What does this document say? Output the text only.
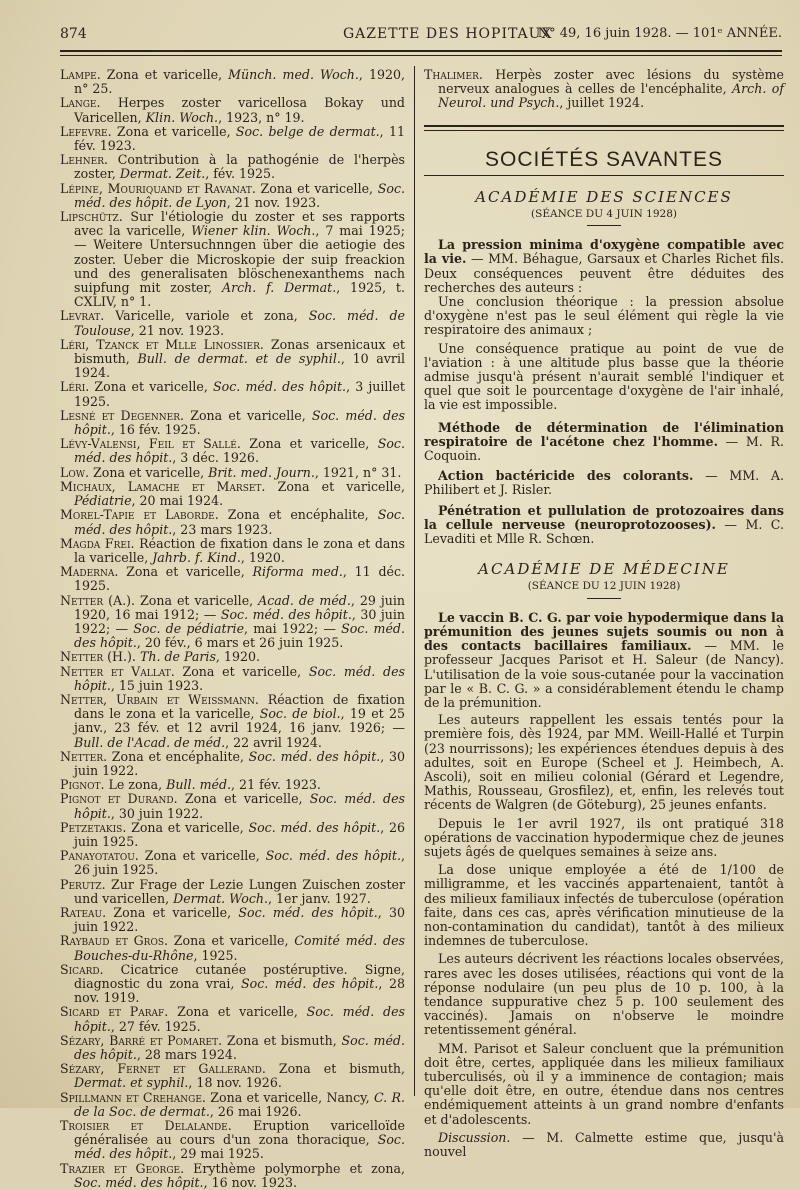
874	GAZETTE DES HOPITAUX
N° 49, 16 juin 1928. — 101ᵉ ANNÉE.

Lampe. Zona et varicelle, Münch. med. Woch., 1920, n° 25.

Lange. Herpes zoster varicellosa Bokay und Varicellen, Klin. Woch., 1923, n° 19.

Lefevre. Zona et varicelle, Soc. belge de dermat., 11 fév. 1923.

Lehner. Contribution à la pathogénie de l'herpès zoster, Dermat. Zeit., fév. 1925.

Lépine, Mouriquand et Ravanat. Zona et varicelle, Soc. méd. des hôpit. de Lyon, 21 nov. 1923.

Lipschütz. Sur l'étiologie du zoster et ses rapports avec la varicelle, Wiener klin. Woch., 7 mai 1925; — Weitere Untersuchnngen über die aetiogie des zoster. Ueber die Microskopie der suip freackion und des generalisaten blöschenexanthems nach suipfung mit zoster, Arch. f. Dermat., 1925, t. CXLIV, n° 1.

Levrat. Varicelle, variole et zona, Soc. méd. de Toulouse, 21 nov. 1923.

Léri, Tzanck et Mlle Linossier. Zonas arsenicaux et bismuth, Bull. de dermat. et de syphil., 10 avril 1924.

Léri. Zona et varicelle, Soc. méd. des hôpit., 3 juillet 1925.

Lesné et Degenner. Zona et varicelle, Soc. méd. des hôpit., 16 fév. 1925.

Lévy-Valensi, Feil et Sallé. Zona et varicelle, Soc. méd. des hôpit., 3 déc. 1926.

Low. Zona et varicelle, Brit. med. Journ., 1921, n° 31.

Michaux, Lamache et Marset. Zona et varicelle, Pédiatrie, 20 mai 1924.

Morel-Tapie et Laborde. Zona et encéphalite, Soc. méd. des hôpit., 23 mars 1923.

Magda Frei. Réaction de fixation dans le zona et dans la varicelle, Jahrb. f. Kind., 1920.

Maderna. Zona et varicelle, Riforma med., 11 déc. 1925.

Netter (A.). Zona et varicelle, Acad. de méd., 29 juin 1920, 16 mai 1912; — Soc. méd. des hôpit., 30 juin 1922; — Soc. de pédiatrie, mai 1922; — Soc. méd. des hôpit., 20 fév., 6 mars et 26 juin 1925.

Netter (H.). Th. de Paris, 1920.

Netter et Vallat. Zona et varicelle, Soc. méd. des hôpit., 15 juin 1923.

Netter, Urbain et Weissmann. Réaction de fixation dans le zona et la varicelle, Soc. de biol., 19 et 25 janv., 23 fév. et 12 avril 1924, 16 janv. 1926; — Bull. de l'Acad. de méd., 22 avril 1924.

Netter. Zona et encéphalite, Soc. méd. des hôpit., 30 juin 1922.

Pignot. Le zona, Bull. méd., 21 fév. 1923.

Pignot et Durand. Zona et varicelle, Soc. méd. des hôpit., 30 juin 1922.

Petzetakis. Zona et varicelle, Soc. méd. des hôpit., 26 juin 1925.

Panayotatou. Zona et varicelle, Soc. méd. des hôpit., 26 juin 1925.

Perutz. Zur Frage der Lezie Lungen Zuischen zoster und varicellen, Dermat. Woch., 1er janv. 1927.

Rateau. Zona et varicelle, Soc. méd. des hôpit., 30 juin 1922.

Raybaud et Gros. Zona et varicelle, Comité méd. des Bouches-du-Rhône, 1925.

Sicard. Cicatrice cutanée postéruptive. Signe, diagnostic du zona vrai, Soc. méd. des hôpit., 28 nov. 1919.

Sicard et Paraf. Zona et varicelle, Soc. méd. des hôpit., 27 fév. 1925.

Sézary, Barré et Pomaret. Zona et bismuth, Soc. méd. des hôpit., 28 mars 1924.

Sézary, Fernet et Gallerand. Zona et bismuth, Dermat. et syphil., 18 nov. 1926.

Spillmann et Crehange. Zona et varicelle, Nancy, C. R. de la Soc. de dermat., 26 mai 1926.

Troisier et Delalande. Eruption varicelloïde généralisée au cours d'un zona thoracique, Soc. méd. des hôpit., 29 mai 1925.

Trazier et George. Erythème polymorphe et zona, Soc. méd. des hôpit., 16 nov. 1923.

Thalimer. Herpès zoster avec lésions du système nerveux analogues à celles de l'encéphalite, Arch. of Neurol. und Psych., juillet 1924.

SOCIÉTÉS SAVANTES
ACADÉMIE DES SCIENCES
(SÉANCE DU 4 JUIN 1928)

La pression minima d'oxygène compatible avec la vie. — MM. Béhague, Garsaux et Charles Richet fils. Deux conséquences peuvent être déduites des recherches des auteurs :

Une conclusion théorique : la pression absolue d'oxygène n'est pas le seul élément qui règle la vie respiratoire des animaux ;

Une conséquence pratique au point de vue de l'aviation : à une altitude plus basse que la théorie admise jusqu'à présent n'aurait semblé l'indiquer et quel que soit le pourcentage d'oxygène de l'air inhalé, la vie est impossible.

Méthode de détermination de l'élimination respiratoire de l'acétone chez l'homme. — M. R. Coquoin.

Action bactéricide des colorants. — MM. A. Philibert et J. Risler.

Pénétration et pullulation de protozoaires dans la cellule nerveuse (neuroprotozooses). — M. C. Levaditi et Mlle R. Schœn.

ACADÉMIE DE MÉDECINE
(SÉANCE DU 12 JUIN 1928)

Le vaccin B. C. G. par voie hypodermique dans la prémunition des jeunes sujets soumis ou non à des contacts bacillaires familiaux. — MM. le professeur Jacques Parisot et H. Saleur (de Nancy). L'utilisation de la voie sous-cutanée pour la vaccination par le « B. C. G. » a considérablement étendu le champ de la prémunition.

Les auteurs rappellent les essais tentés pour la première fois, dès 1924, par MM. Weill-Hallé et Turpin (23 nourrissons); les expériences étendues depuis à des adultes, soit en Europe (Scheel et J. Heimbech, A. Ascoli), soit en milieu colonial (Gérard et Legendre, Mathis, Rousseau, Grosfilez), et, enfin, les relevés tout récents de Walgren (de Göteburg), 25 jeunes enfants.

Depuis le 1er avril 1927, ils ont pratiqué 318 opérations de vaccination hypodermique chez de jeunes sujets âgés de quelques semaines à seize ans.

La dose unique employée a été de 1/100 de milligramme, et les vaccinés appartenaient, tantôt à des milieux familiaux infectés de tuberculose (opération faite, dans ces cas, après vérification minutieuse de la non-contamination du candidat), tantôt à des milieux indemnes de tuberculose.

Les auteurs décrivent les réactions locales observées, rares avec les doses utilisées, réactions qui vont de la réponse nodulaire (un peu plus de 10 p. 100, à la tendance suppurative chez 5 p. 100 seulement des vaccinés). Jamais on n'observe le moindre retentissement général.

MM. Parisot et Saleur concluent que la prémunition doit être, certes, appliquée dans les milieux familiaux tuberculisés, où il y a imminence de contagion; mais qu'elle doit être, en outre, étendue dans nos centres endémiquement atteints à un grand nombre d'enfants et d'adolescents.

Discussion. — M. Calmette estime que, jusqu'à nouvel
